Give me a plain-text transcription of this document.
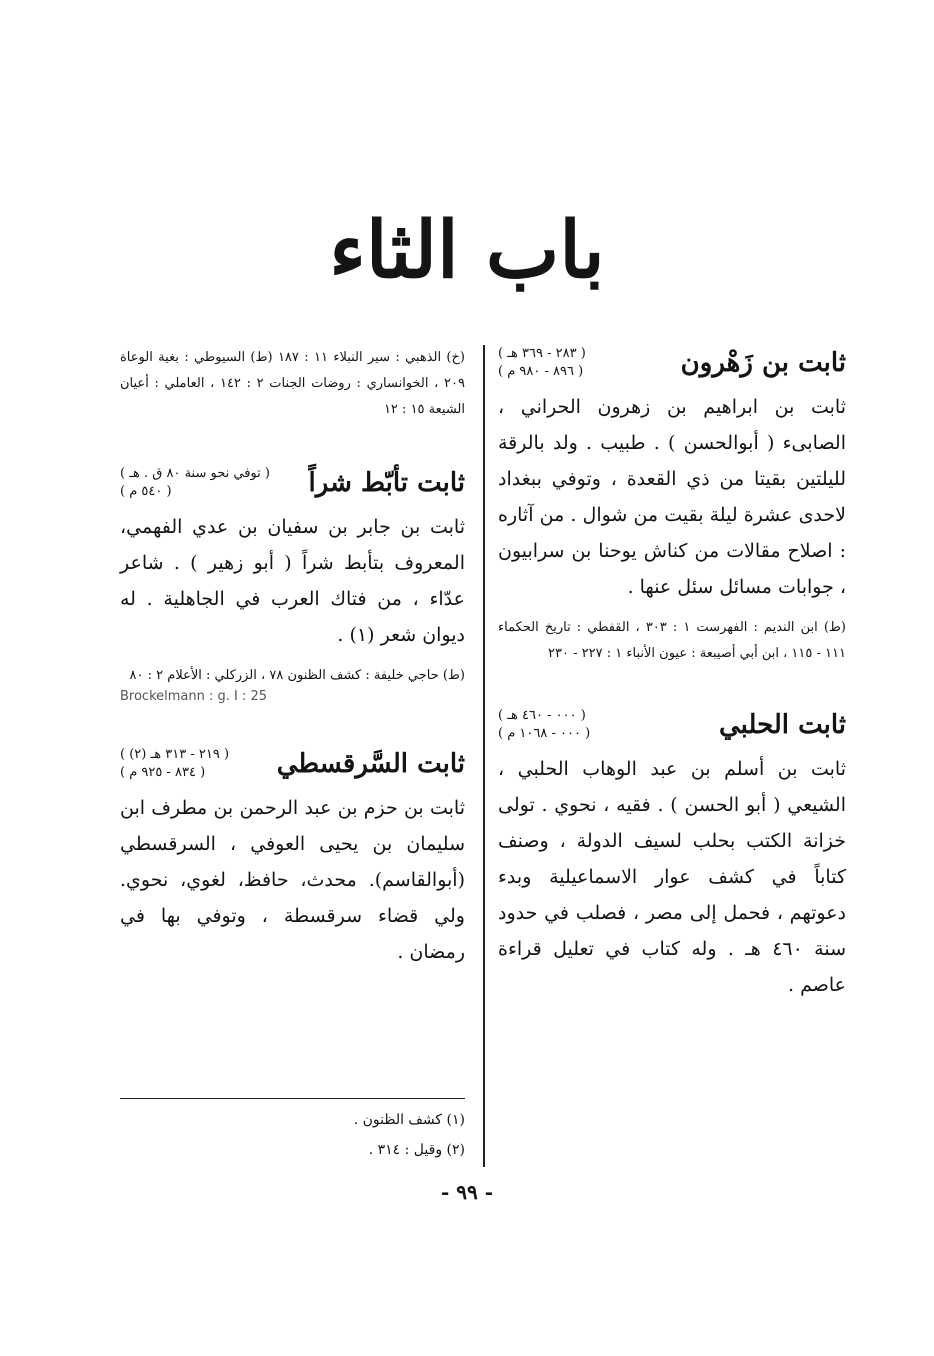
باب الثاء
ثابت بن زَهْرون
( ٢٨٣ - ٣٦٩ هـ )
( ٨٩٦ - ٩٨٠ م )

ثابت بن ابراهيم بن زهرون الحراني ، الصابىء ( أبوالحسن ) . طبيب . ولد بالرقة لليلتين بقيتا من ذي القعدة ، وتوفي ببغداد لاحدى عشرة ليلة بقيت من شوال . من آثاره : اصلاح مقالات من كناش يوحنا بن سرابيون ، جوابات مسائل سئل عنها .

(ط) ابن النديم : الفهرست ١ : ٣٠٣ ، القفطي : تاريخ الحكماء ١١١ - ١١٥ ، ابن أبي أصيبعة : عيون الأنباء ١ : ٢٢٧ - ٢٣٠

ثابت الحلبي
( ٠٠٠ - ٤٦٠ هـ )
( ٠٠٠ - ١٠٦٨ م )

ثابت بن أسلم بن عبد الوهاب الحلبي ، الشيعي ( أبو الحسن ) . فقيه ، نحوي . تولى خزانة الكتب بحلب لسيف الدولة ، وصنف كتاباً في كشف عوار الاسماعيلية وبدء دعوتهم ، فحمل إلى مصر ، فصلب في حدود سنة ٤٦٠ هـ . وله كتاب في تعليل قراءة عاصم .

(خ) الذهبي : سير النبلاء ١١ : ١٨٧ (ط) السيوطي : بغية الوعاة ٢٠٩ ، الخوانساري : روضات الجنات ٢ : ١٤٢ ، العاملي : أعيان الشيعة ١٥ : ١٢

ثابت تأبّط شراً
( توفي نحو سنة ٨٠ ق . هـ )
( ٥٤٠ م )

ثابت بن جابر بن سفيان بن عدي الفهمي، المعروف بتأبط شراً ( أبو زهير ) . شاعر عدّاء ، من فتاك العرب في الجاهلية . له ديوان شعر (١) .

(ط) حاجي خليفة : كشف الظنون ٧٨ ، الزركلي : الأعلام ٢ : ٨٠

Brockelmann : g. I : 25
ثابت السَّرقسطي
( ٢١٩ - ٣١٣ هـ (٢) )
( ٨٣٤ - ٩٢٥ م )

ثابت بن حزم بن عبد الرحمن بن مطرف ابن سليمان بن يحيى العوفي ، السرقسطي (أبوالقاسم). محدث، حافظ، لغوي، نحوي. ولي قضاء سرقسطة ، وتوفي بها في رمضان .

(١) كشف الظنون .
(٢) وقيل : ٣١٤ .
- ٩٩ -
